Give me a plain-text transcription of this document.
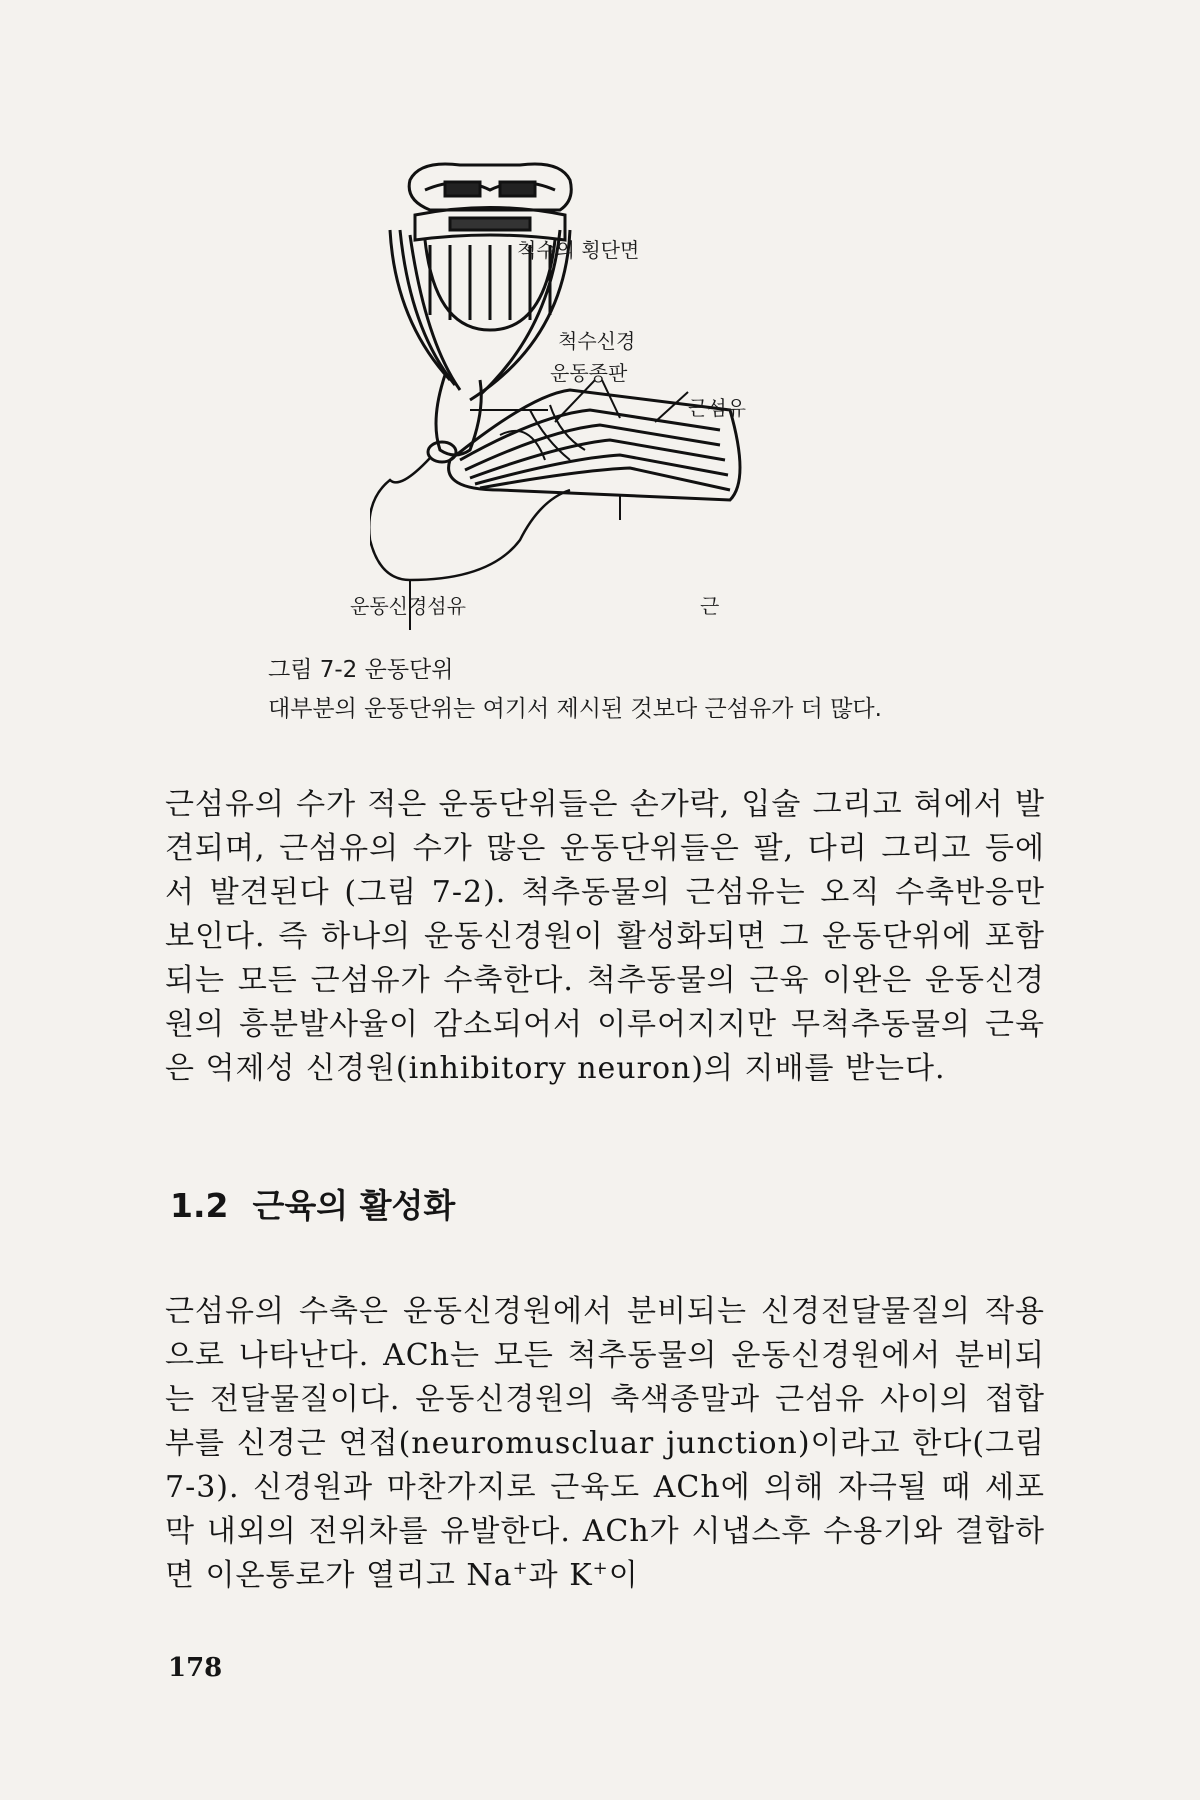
척수의 횡단면
척수신경
운동종판
근섬유
운동신경섬유	근
그림 7-2 운동단위
대부분의 운동단위는 여기서 제시된 것보다 근섬유가 더 많다.

근섬유의 수가 적은 운동단위들은 손가락, 입술 그리고 혀에서 발견되며, 근섬유의 수가 많은 운동단위들은 팔, 다리 그리고 등에서 발견된다 (그림 7-2). 척추동물의 근섬유는 오직 수축반응만 보인다. 즉 하나의 운동신경원이 활성화되면 그 운동단위에 포함되는 모든 근섬유가 수축한다. 척추동물의 근육 이완은 운동신경원의 흥분발사율이 감소되어서 이루어지지만 무척추동물의 근육은 억제성 신경원(inhibitory neuron)의 지배를 받는다.

1.2 근육의 활성화

근섬유의 수축은 운동신경원에서 분비되는 신경전달물질의 작용으로 나타난다. ACh는 모든 척추동물의 운동신경원에서 분비되는 전달물질이다. 운동신경원의 축색종말과 근섬유 사이의 접합부를 신경근 연접(neuromuscluar junction)이라고 한다(그림 7-3). 신경원과 마찬가지로 근육도 ACh에 의해 자극될 때 세포막 내외의 전위차를 유발한다. ACh가 시냅스후 수용기와 결합하면 이온통로가 열리고 Na+과 K+이

178
